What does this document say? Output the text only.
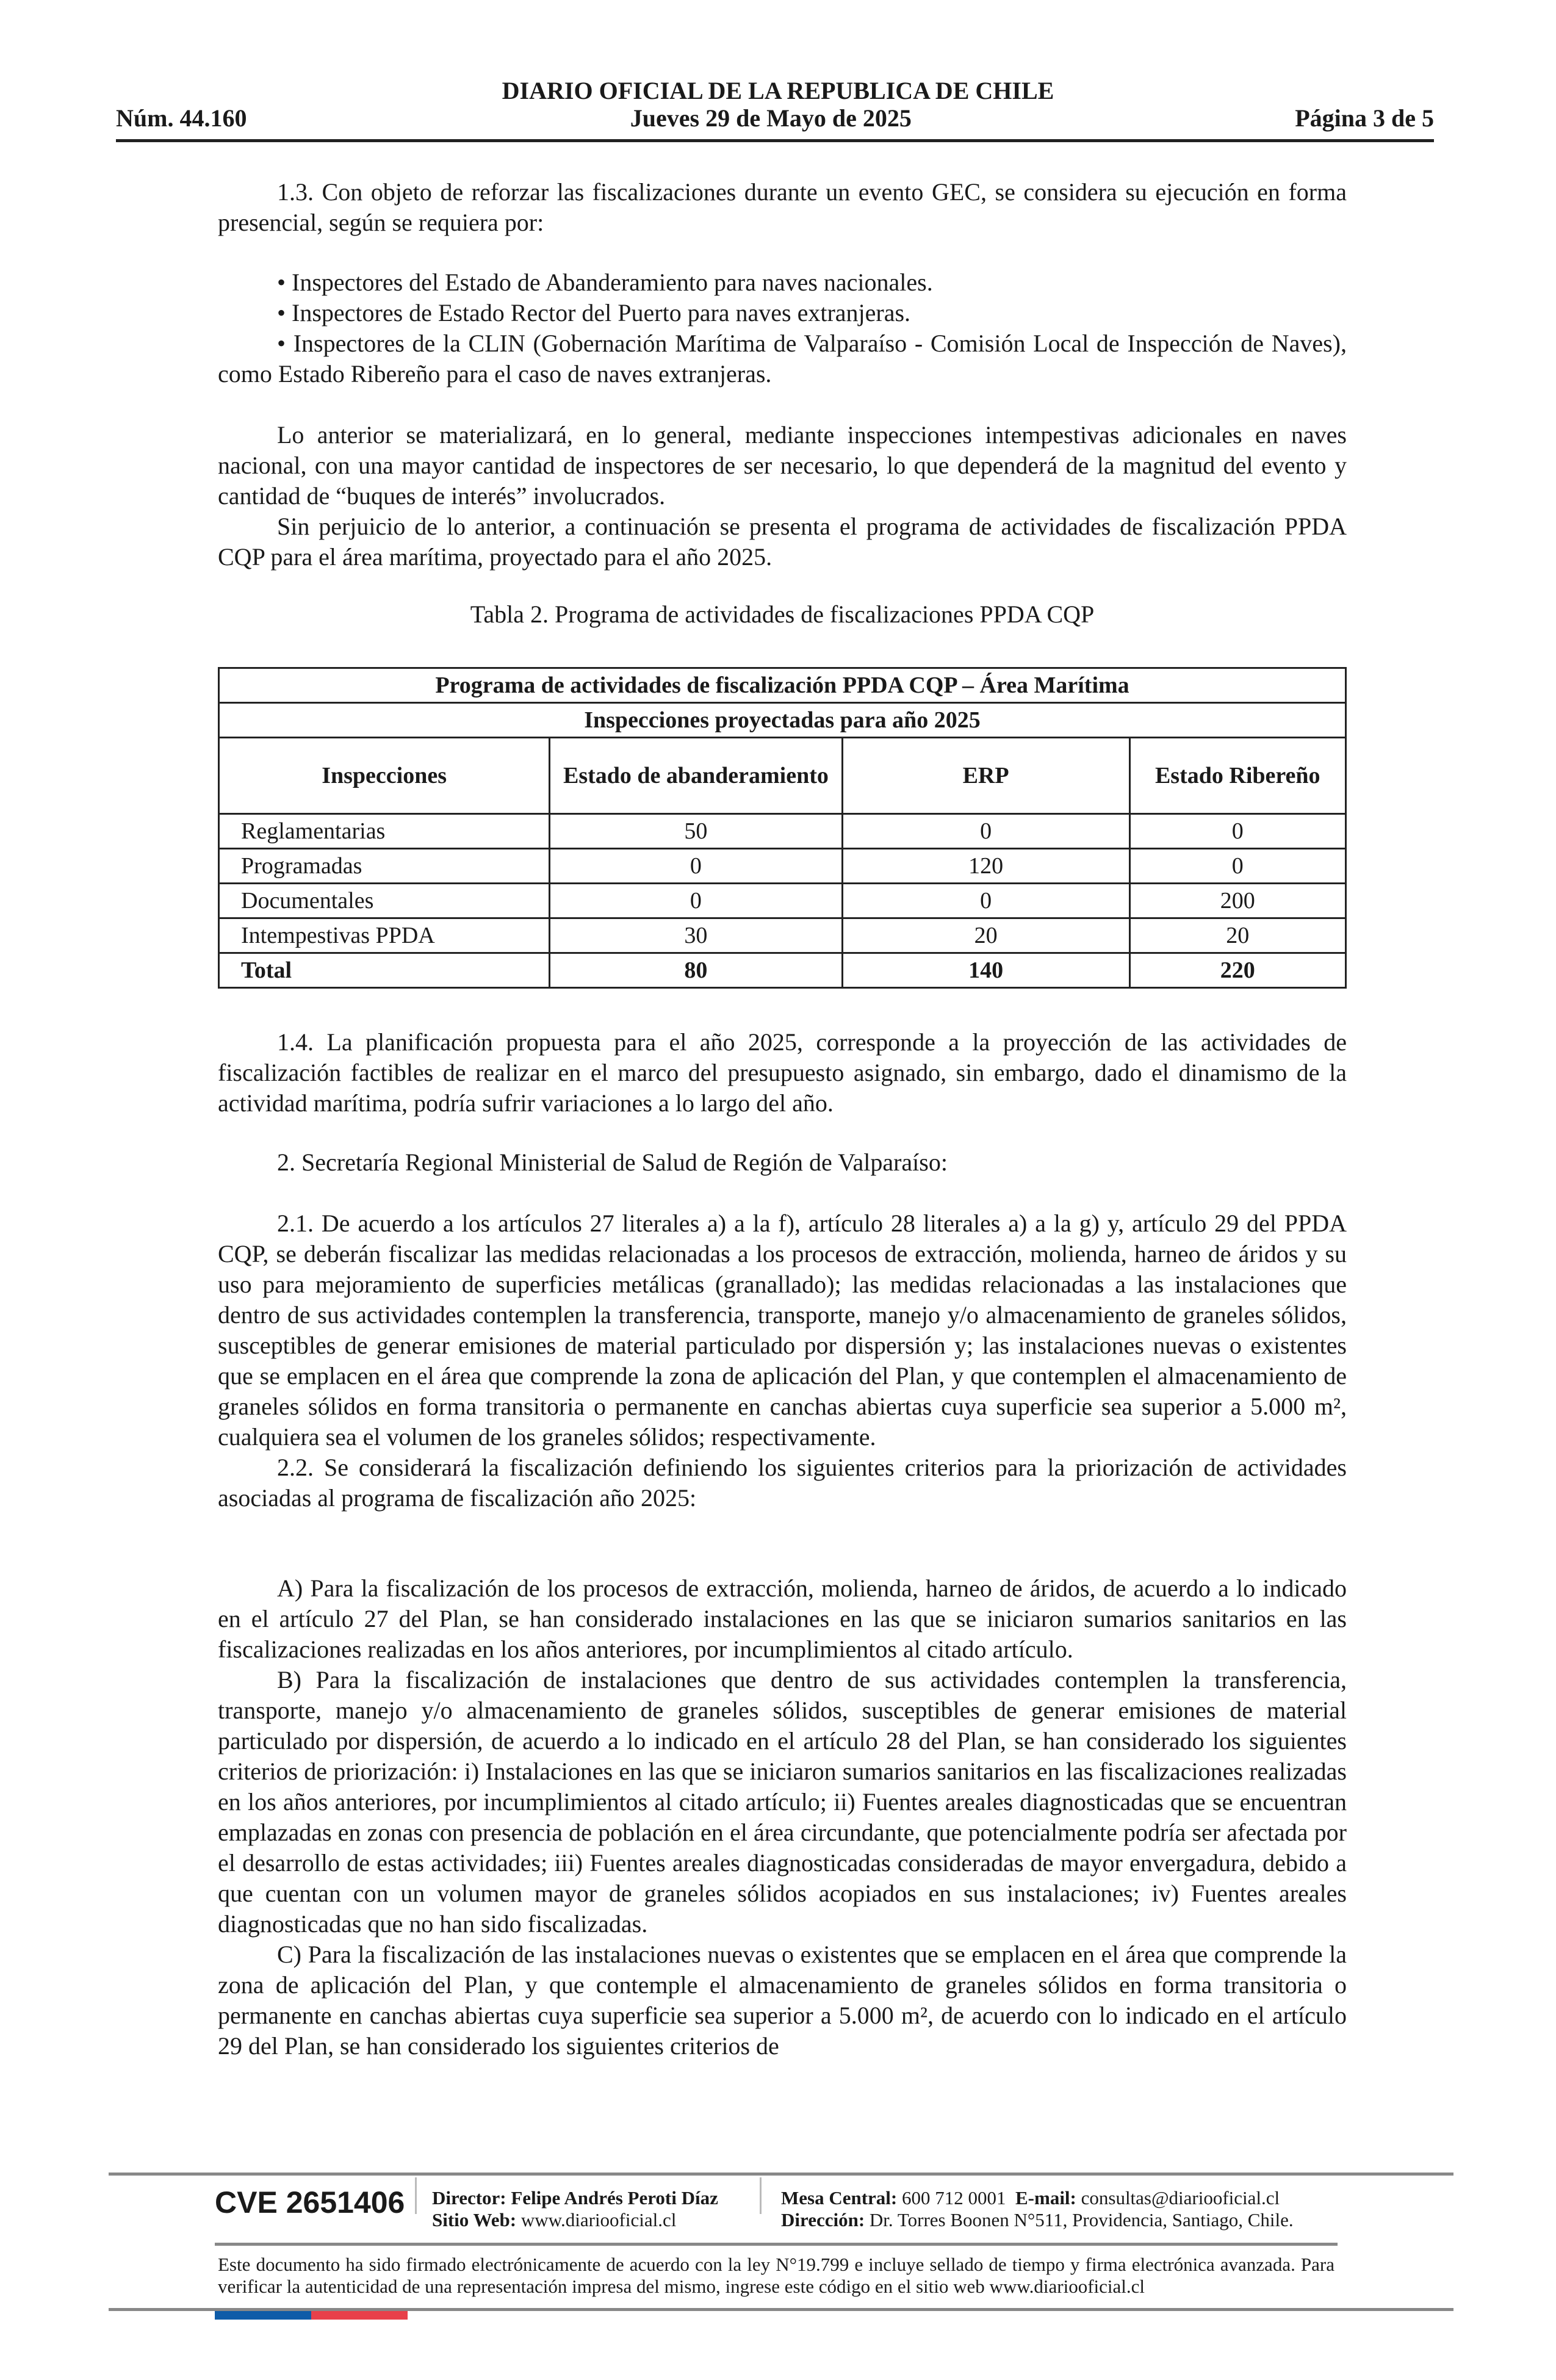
DIARIO OFICIAL DE LA REPUBLICA DE CHILE
Núm. 44.160	Jueves 29 de Mayo de 2025	Página 3 de 5

1.3. Con objeto de reforzar las fiscalizaciones durante un evento GEC, se considera su ejecución en forma presencial, según se requiera por:

• Inspectores del Estado de Abanderamiento para naves nacionales.

• Inspectores de Estado Rector del Puerto para naves extranjeras.

• Inspectores de la CLIN (Gobernación Marítima de Valparaíso - Comisión Local de Inspección de Naves), como Estado Ribereño para el caso de naves extranjeras.

Lo anterior se materializará, en lo general, mediante inspecciones intempestivas adicionales en naves nacional, con una mayor cantidad de inspectores de ser necesario, lo que dependerá de la magnitud del evento y cantidad de “buques de interés” involucrados.

Sin perjuicio de lo anterior, a continuación se presenta el programa de actividades de fiscalización PPDA CQP para el área marítima, proyectado para el año 2025.

Tabla 2. Programa de actividades de fiscalizaciones PPDA CQP
Programa de actividades de fiscalización PPDA CQP – Área Marítima			
Inspecciones proyectadas para año 2025			
Inspecciones	Estado de abanderamiento	ERP	Estado Ribereño
Reglamentarias	50	0	0
Programadas	0	120	0
Documentales	0	0	200
Intempestivas PPDA	30	20	20
Total	80	140	220

1.4. La planificación propuesta para el año 2025, corresponde a la proyección de las actividades de fiscalización factibles de realizar en el marco del presupuesto asignado, sin embargo, dado el dinamismo de la actividad marítima, podría sufrir variaciones a lo largo del año.

2. Secretaría Regional Ministerial de Salud de Región de Valparaíso:

2.1. De acuerdo a los artículos 27 literales a) a la f), artículo 28 literales a) a la g) y, artículo 29 del PPDA CQP, se deberán fiscalizar las medidas relacionadas a los procesos de extracción, molienda, harneo de áridos y su uso para mejoramiento de superficies metálicas (granallado); las medidas relacionadas a las instalaciones que dentro de sus actividades contemplen la transferencia, transporte, manejo y/o almacenamiento de graneles sólidos, susceptibles de generar emisiones de material particulado por dispersión y; las instalaciones nuevas o existentes que se emplacen en el área que comprende la zona de aplicación del Plan, y que contemplen el almacenamiento de graneles sólidos en forma transitoria o permanente en canchas abiertas cuya superficie sea superior a 5.000 m², cualquiera sea el volumen de los graneles sólidos; respectivamente.

2.2. Se considerará la fiscalización definiendo los siguientes criterios para la priorización de actividades asociadas al programa de fiscalización año 2025:

A) Para la fiscalización de los procesos de extracción, molienda, harneo de áridos, de acuerdo a lo indicado en el artículo 27 del Plan, se han considerado instalaciones en las que se iniciaron sumarios sanitarios en las fiscalizaciones realizadas en los años anteriores, por incumplimientos al citado artículo.

B) Para la fiscalización de instalaciones que dentro de sus actividades contemplen la transferencia, transporte, manejo y/o almacenamiento de graneles sólidos, susceptibles de generar emisiones de material particulado por dispersión, de acuerdo a lo indicado en el artículo 28 del Plan, se han considerado los siguientes criterios de priorización: i) Instalaciones en las que se iniciaron sumarios sanitarios en las fiscalizaciones realizadas en los años anteriores, por incumplimientos al citado artículo; ii) Fuentes areales diagnosticadas que se encuentran emplazadas en zonas con presencia de población en el área circundante, que potencialmente podría ser afectada por el desarrollo de estas actividades; iii) Fuentes areales diagnosticadas consideradas de mayor envergadura, debido a que cuentan con un volumen mayor de graneles sólidos acopiados en sus instalaciones; iv) Fuentes areales diagnosticadas que no han sido fiscalizadas.

C) Para la fiscalización de las instalaciones nuevas o existentes que se emplacen en el área que comprende la zona de aplicación del Plan, y que contemple el almacenamiento de graneles sólidos en forma transitoria o permanente en canchas abiertas cuya superficie sea superior a 5.000 m², de acuerdo con lo indicado en el artículo 29 del Plan, se han considerado los siguientes criterios de

CVE 2651406 Director: Felipe Andrés Peroti Díaz
Sitio Web: www.diariooficial.cl
Mesa Central: 600 712 0001 E-mail: consultas@diariooficial.cl
Dirección: Dr. Torres Boonen N°511, Providencia, Santiago, Chile.
Este documento ha sido firmado electrónicamente de acuerdo con la ley N°19.799 e incluye sellado de tiempo y firma electrónica avanzada. Para verificar la autenticidad de una representación impresa del mismo, ingrese este código en el sitio web www.diariooficial.cl
